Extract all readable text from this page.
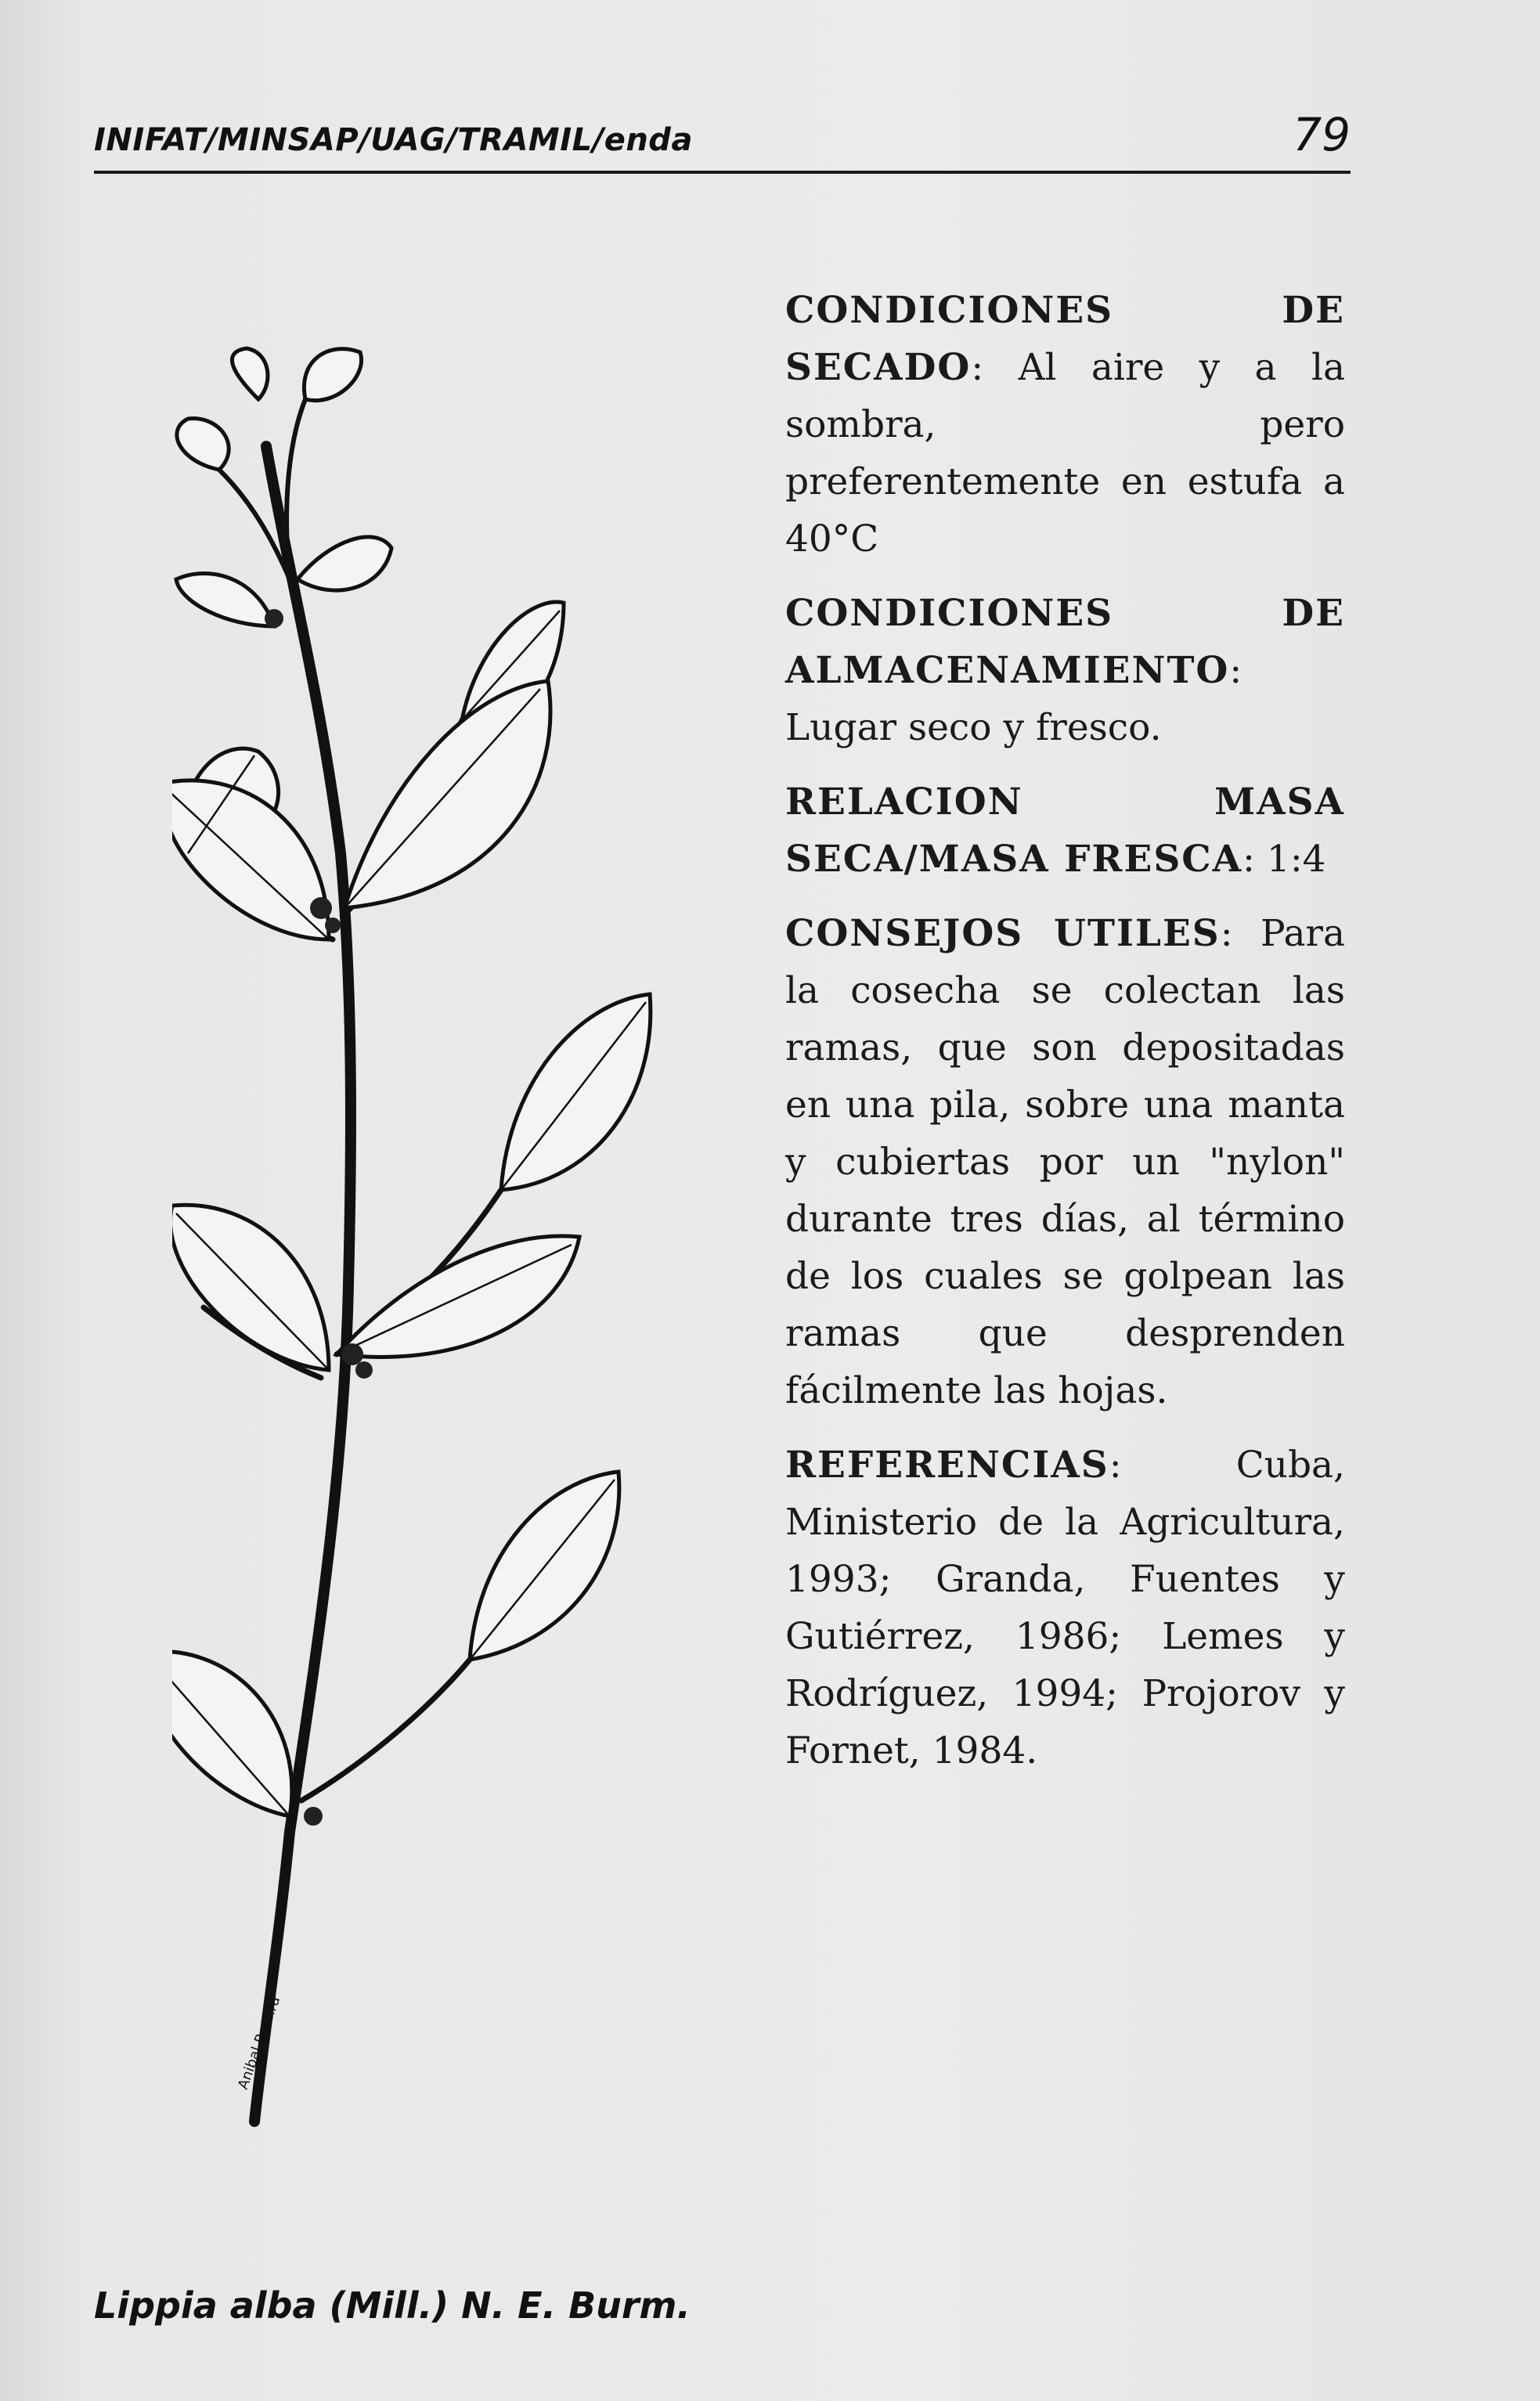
INIFAT/MINSAP/UAG/TRAMIL/enda	79
Anibal Pereira
Lippia alba (Mill.) N. E. Burm.

CONDICIONES DE SECADO: Al aire y a la sombra, pero preferentemente en estufa a 40°C

CONDICIONES DE ALMACENAMIENTO: Lugar seco y fresco.

RELACION MASA SECA/MASA FRESCA: 1:4

CONSEJOS UTILES: Para la cosecha se colectan las ramas, que son depositadas en una pila, sobre una manta y cubiertas por un "nylon" durante tres días, al término de los cuales se golpean las ramas que desprenden fácilmente las hojas.

REFERENCIAS: Cuba, Ministerio de la Agricultura, 1993; Granda, Fuentes y Gutiérrez, 1986; Lemes y Rodríguez, 1994; Projorov y Fornet, 1984.
